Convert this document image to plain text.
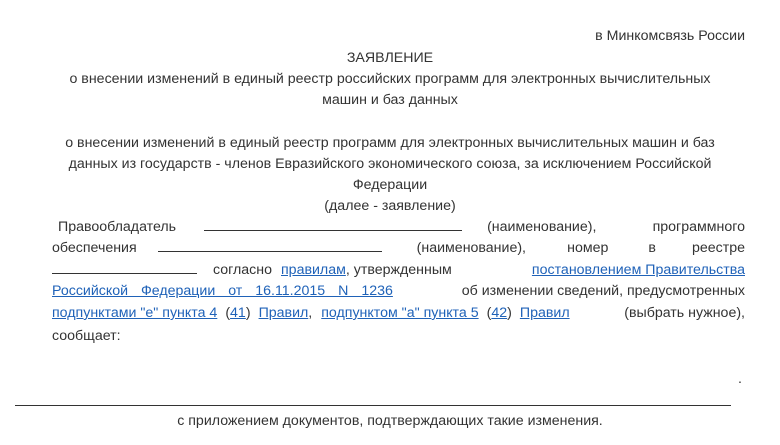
в Минкомсвязь России
ЗАЯВЛЕНИЕ
о внесении изменений в единый реестр российских программ для электронных вычислительных
машин и баз данных
о внесении изменений в единый реестр программ для электронных вычислительных машин и баз
данных из государств - членов Евразийского экономического союза, за исключением Российской
Федерации
(далее - заявление)
Правообладатель	(наименование),	программного
обеспечения	(наименование),	номер	в	реестре
согласно правилам , утвержденным	постановлением Правительства
Российской Федерации от 16.11.2015 N 1236	об изменении сведений, предусмотренных
подпунктами "е" пункта 4 ( 41 ) Правил , подпунктом "а" пункта 5 ( 42 ) Правил	(выбрать нужное),
сообщает:
.
с приложением документов, подтверждающих такие изменения.
